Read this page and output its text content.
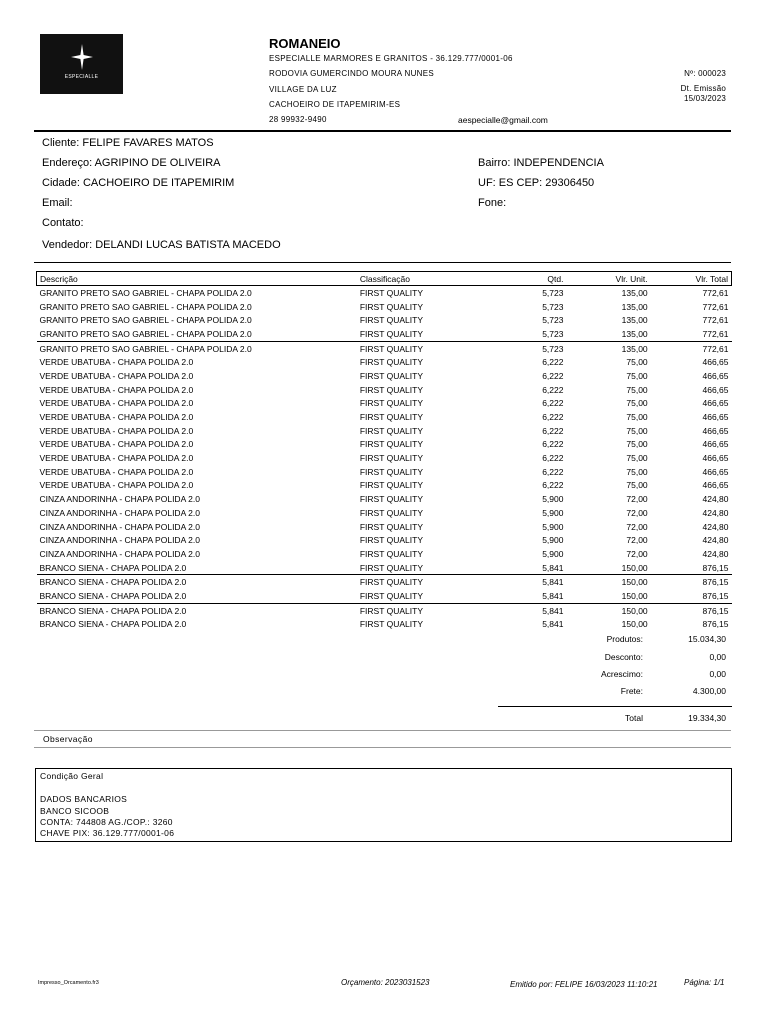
ESPECIALLE
ROMANEIO
ESPECIALLE MARMORES E GRANITOS - 36.129.777/0001-06
RODOVIA GUMERCINDO MOURA NUNES
VILLAGE DA LUZ
CACHOEIRO DE ITAPEMIRIM-ES
28 99932-9490	aespecialle@gmail.com
Nº: 000023
Dt. Emissão
15/03/2023
Cliente: FELIPE FAVARES MATOS
Endereço: AGRIPINO DE OLIVEIRA
Cidade: CACHOEIRO DE ITAPEMIRIM
Email:
Contato:
Vendedor: DELANDI LUCAS BATISTA MACEDO
Bairro: INDEPENDENCIA
UF: ES CEP: 29306450
Fone:
Descrição	Classificação	Qtd.	Vlr. Unit.	Vlr. Total
GRANITO PRETO SAO GABRIEL - CHAPA POLIDA 2.0	FIRST QUALITY	5,723	135,00	772,61
GRANITO PRETO SAO GABRIEL - CHAPA POLIDA 2.0	FIRST QUALITY	5,723	135,00	772,61
GRANITO PRETO SAO GABRIEL - CHAPA POLIDA 2.0	FIRST QUALITY	5,723	135,00	772,61
GRANITO PRETO SAO GABRIEL - CHAPA POLIDA 2.0	FIRST QUALITY	5,723	135,00	772,61
GRANITO PRETO SAO GABRIEL - CHAPA POLIDA 2.0	FIRST QUALITY	5,723	135,00	772,61
VERDE UBATUBA - CHAPA POLIDA 2.0	FIRST QUALITY	6,222	75,00	466,65
VERDE UBATUBA - CHAPA POLIDA 2.0	FIRST QUALITY	6,222	75,00	466,65
VERDE UBATUBA - CHAPA POLIDA 2.0	FIRST QUALITY	6,222	75,00	466,65
VERDE UBATUBA - CHAPA POLIDA 2.0	FIRST QUALITY	6,222	75,00	466,65
VERDE UBATUBA - CHAPA POLIDA 2.0	FIRST QUALITY	6,222	75,00	466,65
VERDE UBATUBA - CHAPA POLIDA 2.0	FIRST QUALITY	6,222	75,00	466,65
VERDE UBATUBA - CHAPA POLIDA 2.0	FIRST QUALITY	6,222	75,00	466,65
VERDE UBATUBA - CHAPA POLIDA 2.0	FIRST QUALITY	6,222	75,00	466,65
VERDE UBATUBA - CHAPA POLIDA 2.0	FIRST QUALITY	6,222	75,00	466,65
VERDE UBATUBA - CHAPA POLIDA 2.0	FIRST QUALITY	6,222	75,00	466,65
CINZA ANDORINHA - CHAPA POLIDA 2.0	FIRST QUALITY	5,900	72,00	424,80
CINZA ANDORINHA - CHAPA POLIDA 2.0	FIRST QUALITY	5,900	72,00	424,80
CINZA ANDORINHA - CHAPA POLIDA 2.0	FIRST QUALITY	5,900	72,00	424,80
CINZA ANDORINHA - CHAPA POLIDA 2.0	FIRST QUALITY	5,900	72,00	424,80
CINZA ANDORINHA - CHAPA POLIDA 2.0	FIRST QUALITY	5,900	72,00	424,80
BRANCO SIENA - CHAPA POLIDA 2.0	FIRST QUALITY	5,841	150,00	876,15
BRANCO SIENA - CHAPA POLIDA 2.0	FIRST QUALITY	5,841	150,00	876,15
BRANCO SIENA - CHAPA POLIDA 2.0	FIRST QUALITY	5,841	150,00	876,15
BRANCO SIENA - CHAPA POLIDA 2.0	FIRST QUALITY	5,841	150,00	876,15
BRANCO SIENA - CHAPA POLIDA 2.0	FIRST QUALITY	5,841	150,00	876,15
Produtos:	15.034,30
Desconto:	0,00
Acrescimo:	0,00
Frete:	4.300,00
Total	19.334,30
Observação
Condição Geral
DADOS BANCARIOS
BANCO SICOOB
CONTA: 744808 AG./COP.: 3260
CHAVE PIX: 36.129.777/0001-06
Impresso_Orcamento.fr3	Orçamento: 2023031523	Emitido por: FELIPE 16/03/2023 11:10:21	Página: 1/1
